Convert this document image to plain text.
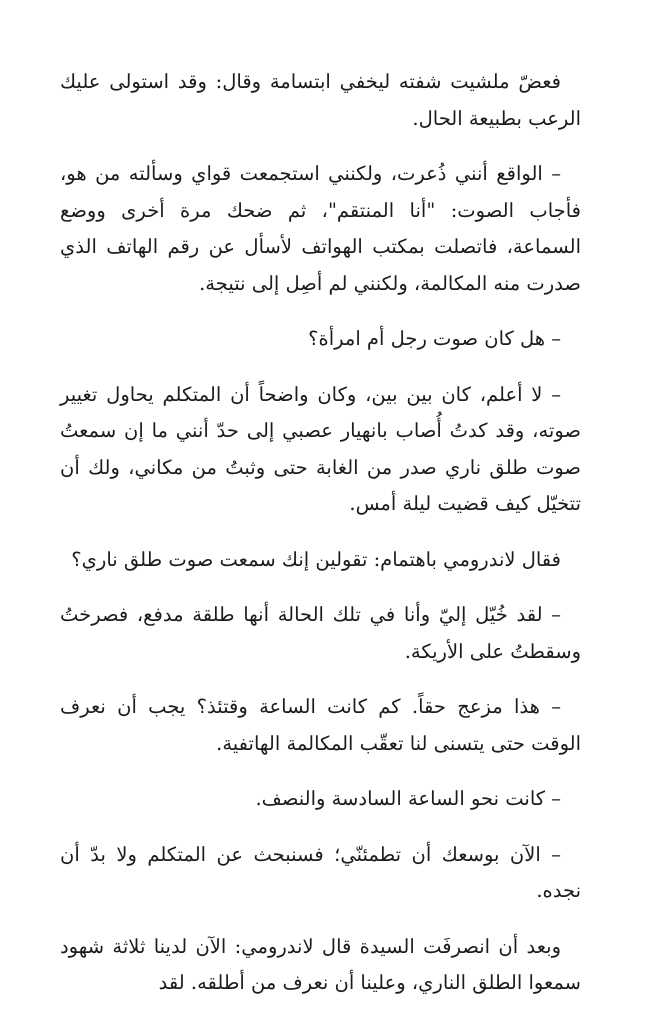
فعضّ ملشيت شفته ليخفي ابتسامة وقال: وقد استولى عليك الرعب بطبيعة الحال.

– الواقع أنني ذُعرت، ولكنني استجمعت قواي وسألته من هو، فأجاب الصوت: "أنا المنتقم"، ثم ضحك مرة أخرى ووضع السماعة، فاتصلت بمكتب الهواتف لأسأل عن رقم الهاتف الذي صدرت منه المكالمة، ولكنني لم أصِل إلى نتيجة.

– هل كان صوت رجل أم امرأة؟

– لا أعلم، كان بين بين، وكان واضحاً أن المتكلم يحاول تغيير صوته، وقد كدتُ أُصاب بانهيار عصبي إلى حدّ أنني ما إن سمعتُ صوت طلق ناري صدر من الغابة حتى وثبتُ من مكاني، ولك أن تتخيّل كيف قضيت ليلة أمس.

فقال لاندرومي باهتمام: تقولين إنك سمعت صوت طلق ناري؟

– لقد خُيّل إليّ وأنا في تلك الحالة أنها طلقة مدفع، فصرختُ وسقطتُ على الأريكة.

– هذا مزعج حقاً. كم كانت الساعة وقتئذ؟ يجب أن نعرف الوقت حتى يتسنى لنا تعقّب المكالمة الهاتفية.

– كانت نحو الساعة السادسة والنصف.

– الآن بوسعك أن تطمئنّي؛ فسنبحث عن المتكلم ولا بدّ أن نجده.

وبعد أن انصرفَت السيدة قال لاندرومي: الآن لدينا ثلاثة شهود سمعوا الطلق الناري، وعلينا أن نعرف من أطلقه. لقد
